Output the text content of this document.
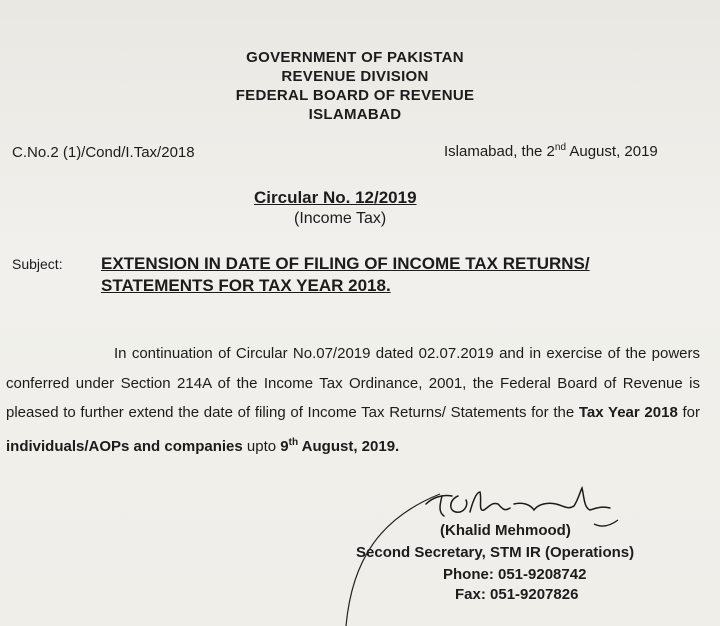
GOVERNMENT OF PAKISTAN
REVENUE DIVISION
FEDERAL BOARD OF REVENUE
ISLAMABAD
C.No.2 (1)/Cond/I.Tax/2018	Islamabad, the 2nd August, 2019
Circular No. 12/2019
(Income Tax)
Subject: EXTENSION IN DATE OF FILING OF INCOME TAX RETURNS/ STATEMENTS FOR TAX YEAR 2018.
In continuation of Circular No.07/2019 dated 02.07.2019 and in exercise of the powers conferred under Section 214A of the Income Tax Ordinance, 2001, the Federal Board of Revenue is pleased to further extend the date of filing of Income Tax Returns/ Statements for the Tax Year 2018 for individuals/AOPs and companies upto 9th August, 2019.
(Khalid Mehmood)
Second Secretary, STM IR (Operations)
Phone: 051-9208742
Fax: 051-9207826
